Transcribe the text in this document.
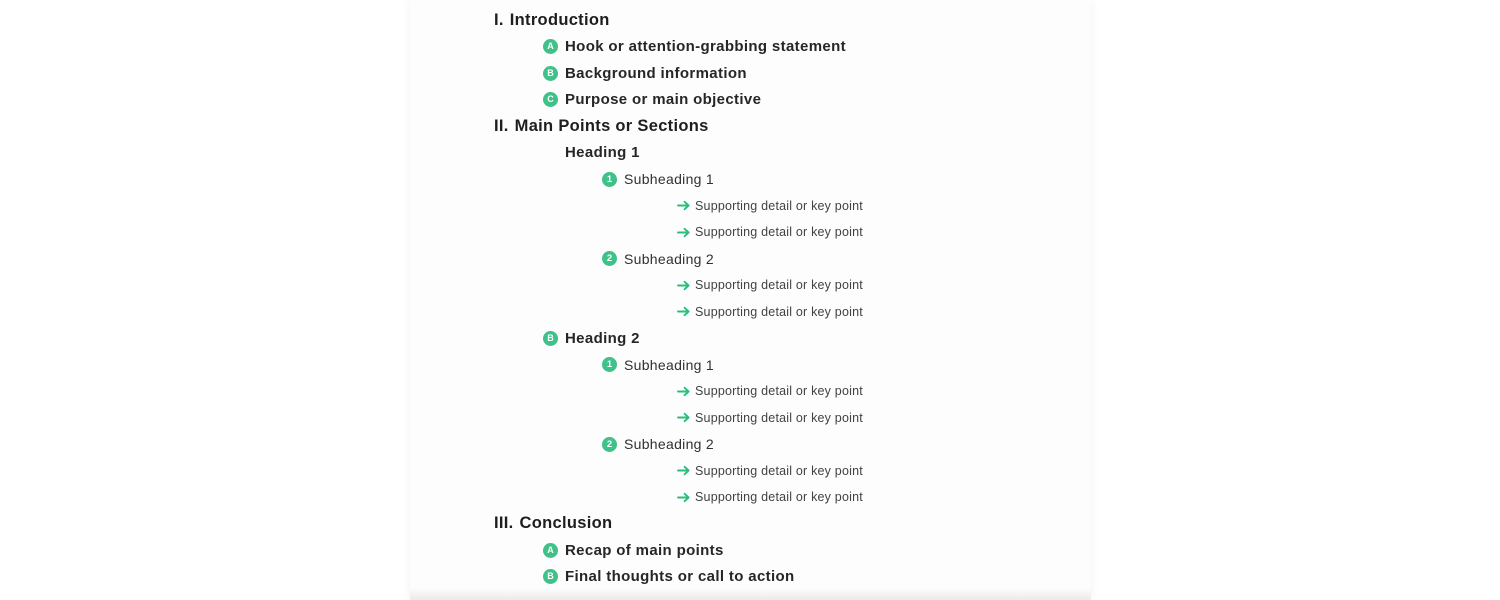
I. Introduction
A Hook or attention-grabbing statement
B Background information
C Purpose or main objective
II. Main Points or Sections
Heading 1
1 Subheading 1
Supporting detail or key point
Supporting detail or key point
2 Subheading 2
Supporting detail or key point
Supporting detail or key point
B Heading 2
1 Subheading 1
Supporting detail or key point
Supporting detail or key point
2 Subheading 2
Supporting detail or key point
Supporting detail or key point
III. Conclusion
A Recap of main points
B Final thoughts or call to action
